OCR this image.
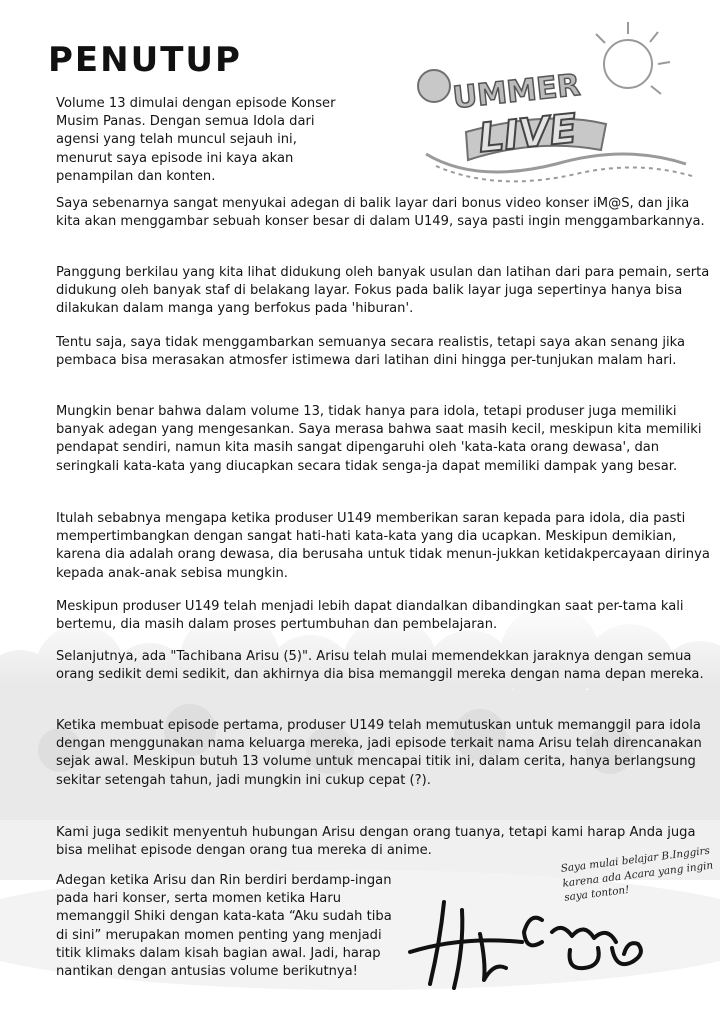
PENUTUP
UMMER
LIVE

Volume 13 dimulai dengan episode Konser Musim Panas. Dengan semua Idola dari agensi yang telah muncul sejauh ini, menurut saya episode ini kaya akan penampilan dan konten.

Saya sebenarnya sangat menyukai adegan di balik layar dari bonus video konser iM@S, dan jika kita akan menggambar sebuah konser besar di dalam U149, saya pasti ingin menggambarkannya.

Panggung berkilau yang kita lihat didukung oleh banyak usulan dan latihan dari para pemain, serta didukung oleh banyak staf di belakang layar. Fokus pada balik layar juga sepertinya hanya bisa dilakukan dalam manga yang berfokus pada 'hiburan'.

Tentu saja, saya tidak menggambarkan semuanya secara realistis, tetapi saya akan senang jika pembaca bisa merasakan atmosfer istimewa dari latihan dini hingga per-tunjukan malam hari.

Mungkin benar bahwa dalam volume 13, tidak hanya para idola, tetapi produser juga memiliki banyak adegan yang mengesankan. Saya merasa bahwa saat masih kecil, meskipun kita memiliki pendapat sendiri, namun kita masih sangat dipengaruhi oleh 'kata-kata orang dewasa', dan seringkali kata-kata yang diucapkan secara tidak senga-ja dapat memiliki dampak yang besar.

Itulah sebabnya mengapa ketika produser U149 memberikan saran kepada para idola, dia pasti mempertimbangkan dengan sangat hati-hati kata-kata yang dia ucapkan. Meskipun demikian, karena dia adalah orang dewasa, dia berusaha untuk tidak menun-jukkan ketidakpercayaan dirinya kepada anak-anak sebisa mungkin.

Meskipun produser U149 telah menjadi lebih dapat diandalkan dibandingkan saat per-tama kali bertemu, dia masih dalam proses pertumbuhan dan pembelajaran.

Selanjutnya, ada "Tachibana Arisu (5)". Arisu telah mulai memendekkan jaraknya dengan semua orang sedikit demi sedikit, dan akhirnya dia bisa memanggil mereka dengan nama depan mereka.

Ketika membuat episode pertama, produser U149 telah memutuskan untuk memanggil para idola dengan menggunakan nama keluarga mereka, jadi episode terkait nama Arisu telah direncanakan sejak awal. Meskipun butuh 13 volume untuk mencapai titik ini, dalam cerita, hanya berlangsung sekitar setengah tahun, jadi mungkin ini cukup cepat (?).

Kami juga sedikit menyentuh hubungan Arisu dengan orang tuanya, tetapi kami harap Anda juga bisa melihat episode dengan orang tua mereka di anime.

Adegan ketika Arisu dan Rin berdiri berdamp-ingan pada hari konser, serta momen ketika Haru memanggil Shiki dengan kata-kata “Aku sudah tiba di sini” merupakan momen penting yang menjadi titik klimaks dalam kisah bagian awal. Jadi, harap nantikan dengan antusias volume berikutnya!

Saya mulai belajar B.Inggirs karena ada Acara yang ingin saya tonton!
